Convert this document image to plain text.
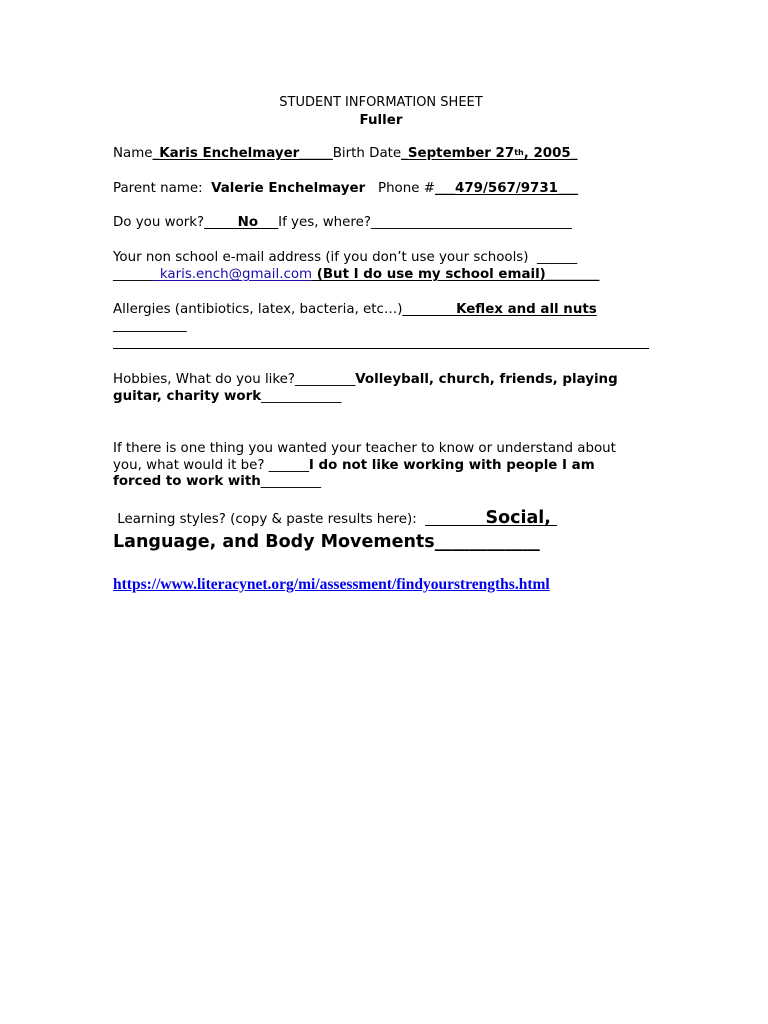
STUDENT INFORMATION SHEET
Fuller
Name_Karis Enchelmayer_____Birth Date_September 27th, 2005_
Parent name:  Valerie Enchelmayer   Phone #___479/567/9731___
Do you work?_____No___If yes, where?______________________________
Your non school e-mail address (if you don’t use your schools)  ______
_______karis.ench@gmail.com (But I do use my school email)________
Allergies (antibiotics, latex, bacteria, etc…)________Keflex and all nuts
___________
Hobbies, What do you like?_________Volleyball, church, friends, playing
guitar, charity work____________
If there is one thing you wanted your teacher to know or understand about
you, what would it be? ______I do not like working with people I am
forced to work with_________
Learning styles? (copy & paste results here):  _________Social,
Language, and Body Movements____________
https://www.literacynet.org/mi/assessment/findyourstrengths.html
